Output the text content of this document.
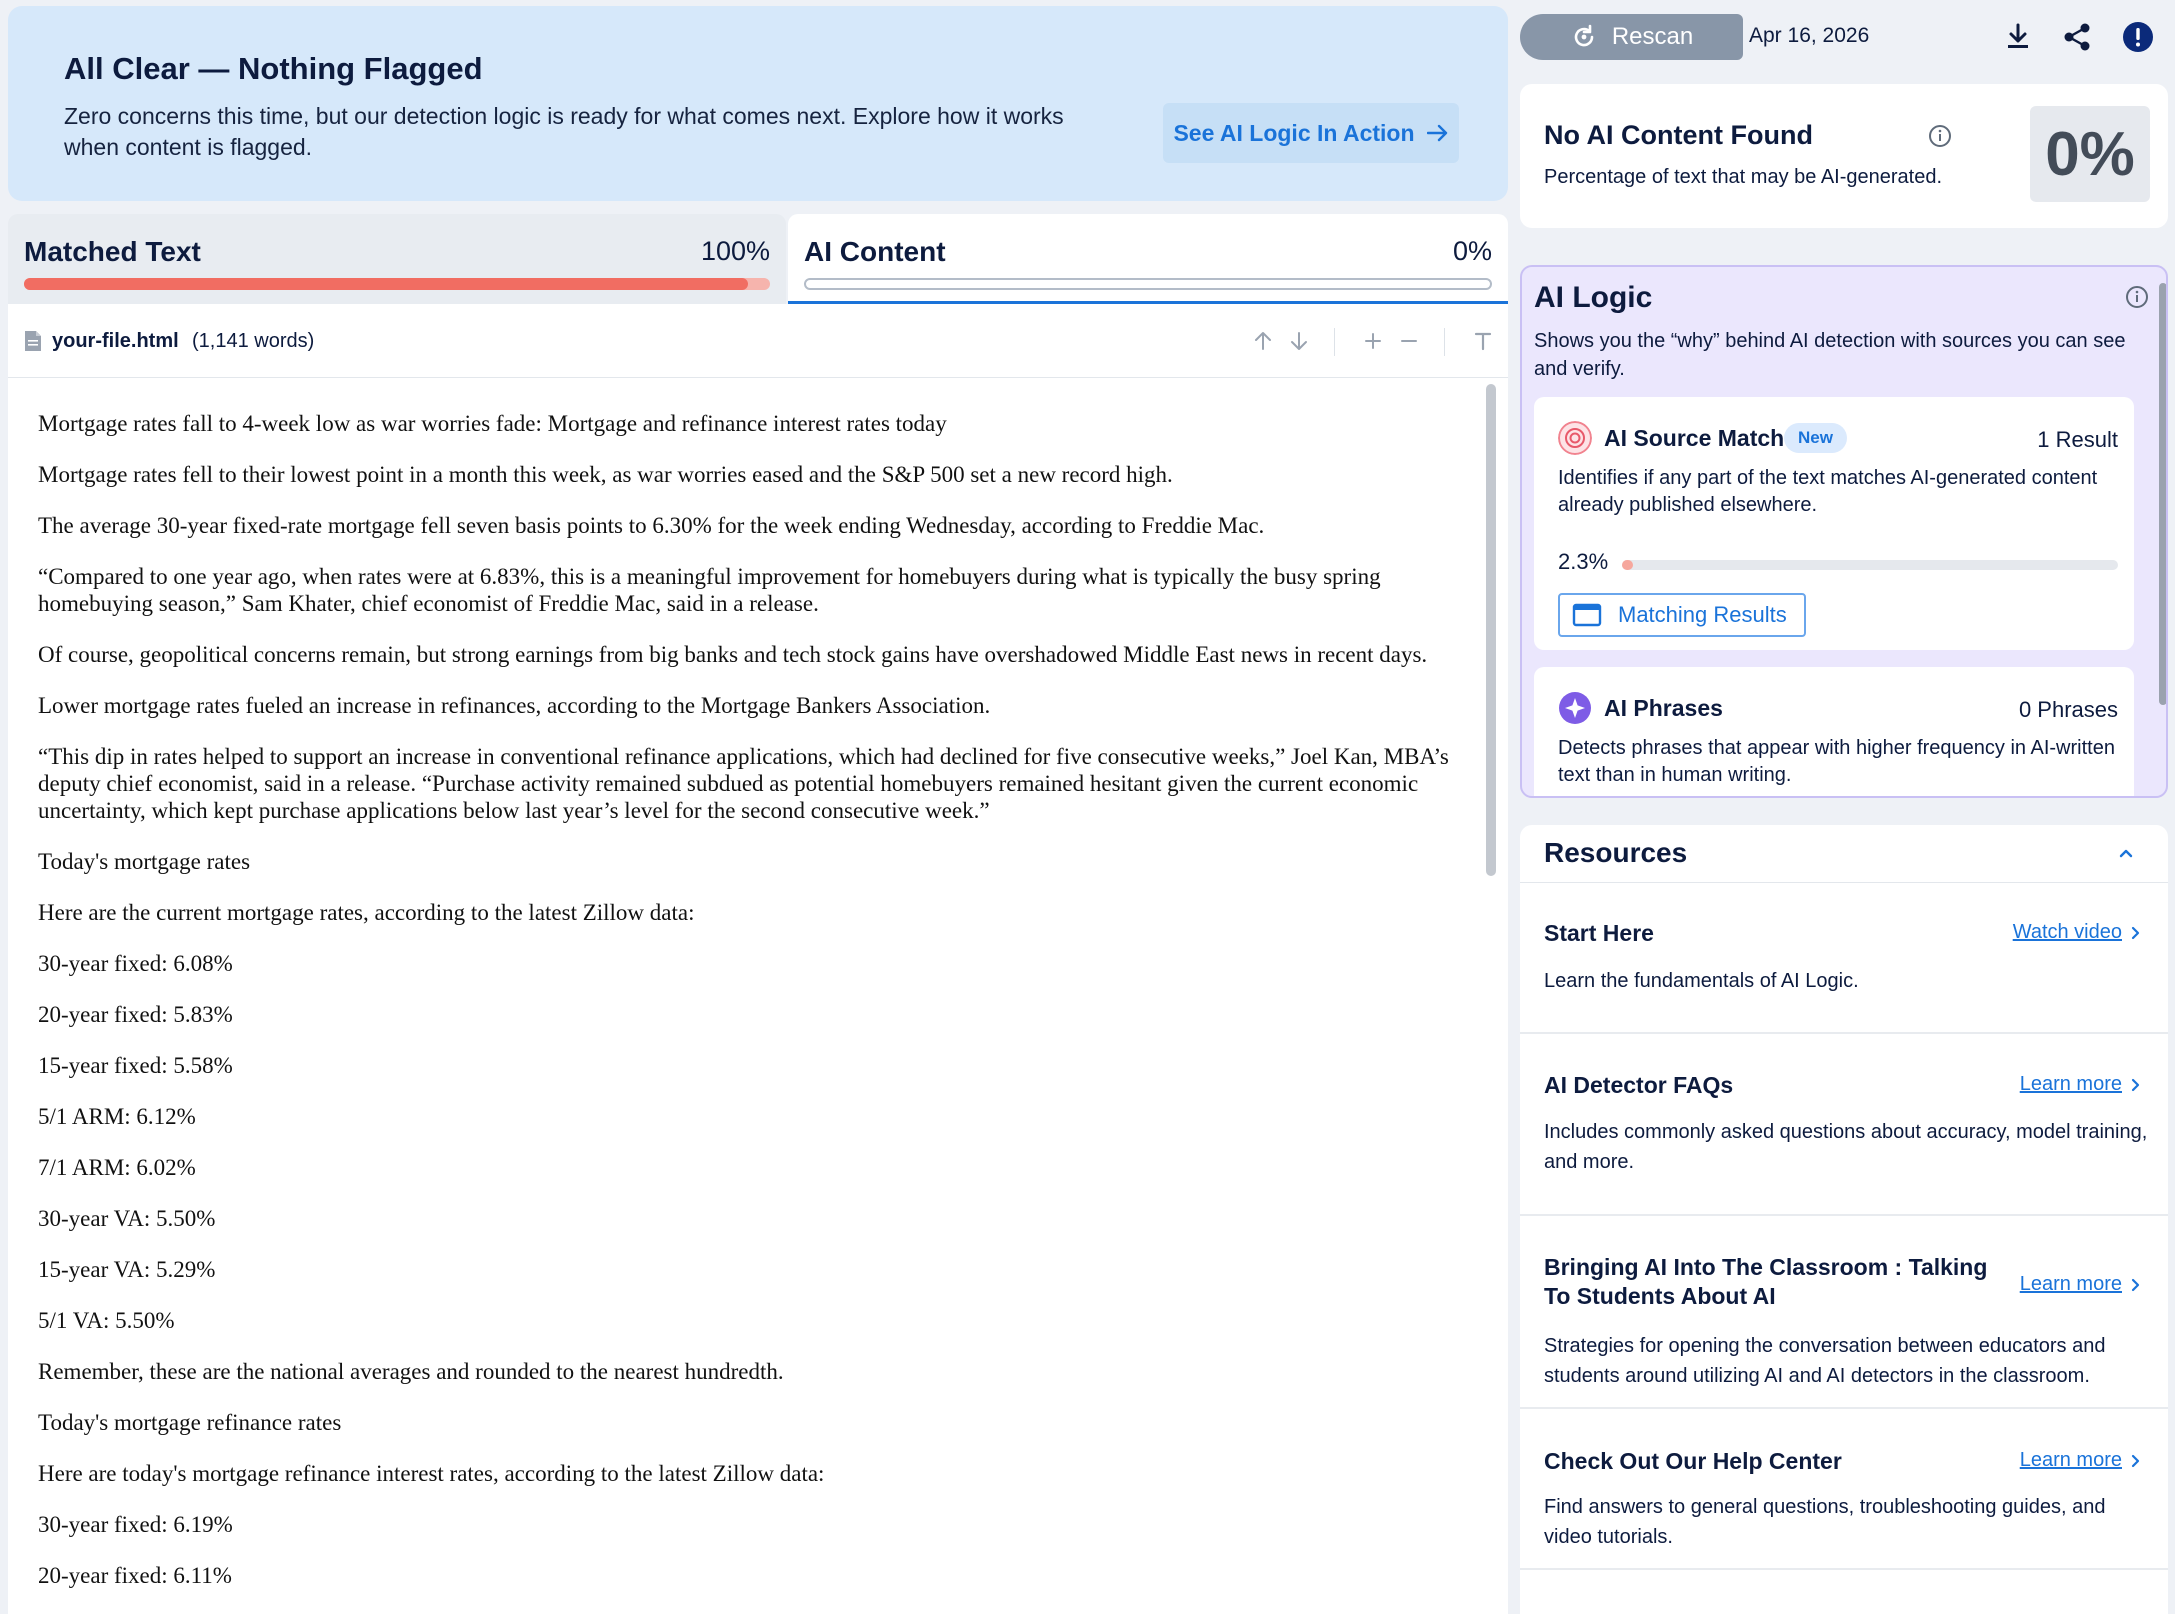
All Clear — Nothing Flagged
Zero concerns this time, but our detection logic is ready for what comes next. Explore how it works when content is flagged.
See AI Logic In Action
Matched Text	100% AI Content	0%
your-file.html (1,141 words)

Mortgage rates fall to 4-week low as war worries fade: Mortgage and refinance interest rates today

Mortgage rates fell to their lowest point in a month this week, as war worries eased and the S&P 500 set a new record high.

The average 30-year fixed-rate mortgage fell seven basis points to 6.30% for the week ending Wednesday, according to Freddie Mac.

“Compared to one year ago, when rates were at 6.83%, this is a meaningful improvement for homebuyers during what is typically the busy spring homebuying season,” Sam Khater, chief economist of Freddie Mac, said in a release.

Of course, geopolitical concerns remain, but strong earnings from big banks and tech stock gains have overshadowed Middle East news in recent days.

Lower mortgage rates fueled an increase in refinances, according to the Mortgage Bankers Association.

“This dip in rates helped to support an increase in conventional refinance applications, which had declined for five consecutive weeks,” Joel Kan, MBA’s deputy chief economist, said in a release. “Purchase activity remained subdued as potential homebuyers remained hesitant given the current economic uncertainty, which kept purchase applications below last year’s level for the second consecutive week.”

Today's mortgage rates

Here are the current mortgage rates, according to the latest Zillow data:

30-year fixed: 6.08%

20-year fixed: 5.83%

15-year fixed: 5.58%

5/1 ARM: 6.12%

7/1 ARM: 6.02%

30-year VA: 5.50%

15-year VA: 5.29%

5/1 VA: 5.50%

Remember, these are the national averages and rounded to the nearest hundredth.

Today's mortgage refinance rates

Here are today's mortgage refinance interest rates, according to the latest Zillow data:

30-year fixed: 6.19%

20-year fixed: 6.11%

Rescan	Apr 16, 2026
No AI Content Found
Percentage of text that may be AI-generated. 0%
AI Logic
Shows you the “why” behind AI detection with sources you can see and verify.
AI Source Match New	1 Result
Identifies if any part of the text matches AI-generated content already published elsewhere.
2.3%
Matching Results
AI Phrases	0 Phrases
Detects phrases that appear with higher frequency in AI-written text than in human writing.
Resources
Start Here	Watch video
Learn the fundamentals of AI Logic.
AI Detector FAQs	Learn more
Includes commonly asked questions about accuracy, model training, and more.
Bringing AI Into The Classroom : Talking To Students About AI	Learn more
Strategies for opening the conversation between educators and students around utilizing AI and AI detectors in the classroom.
Check Out Our Help Center	Learn more
Find answers to general questions, troubleshooting guides, and video tutorials.
